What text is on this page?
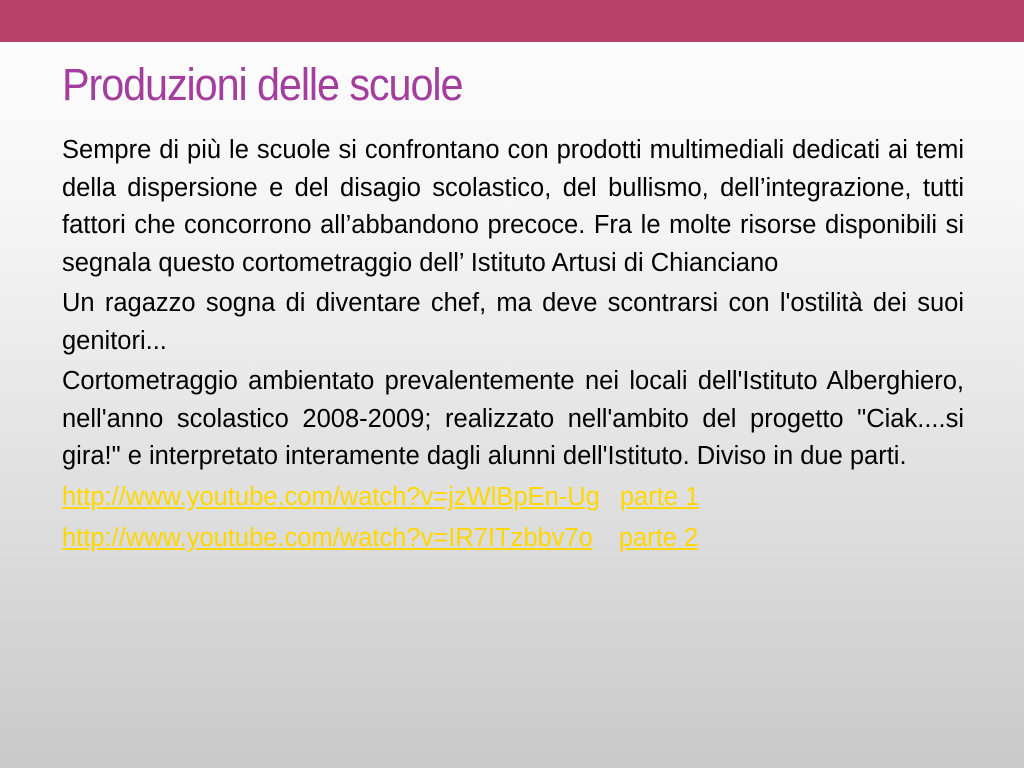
Produzioni delle scuole

Sempre di più le scuole si confrontano con prodotti multimediali dedicati ai temi della dispersione e del disagio scolastico, del bullismo, dell’integrazione, tutti fattori che concorrono all’abbandono precoce. Fra le molte risorse disponibili si segnala questo cortometraggio dell’ Istituto Artusi di Chianciano

Un ragazzo sogna di diventare chef, ma deve scontrarsi con l'ostilità dei suoi genitori...

Cortometraggio ambientato prevalentemente nei locali dell'Istituto Alberghiero, nell'anno scolastico 2008-2009; realizzato nell'ambito del progetto "Ciak....si gira!" e interpretato interamente dagli alunni dell'Istituto. Diviso in due parti.

http://www.youtube.com/watch?v=jzWlBpEn-Ug parte 1
http://www.youtube.com/watch?v=IR7ITzbbv7o parte 2
